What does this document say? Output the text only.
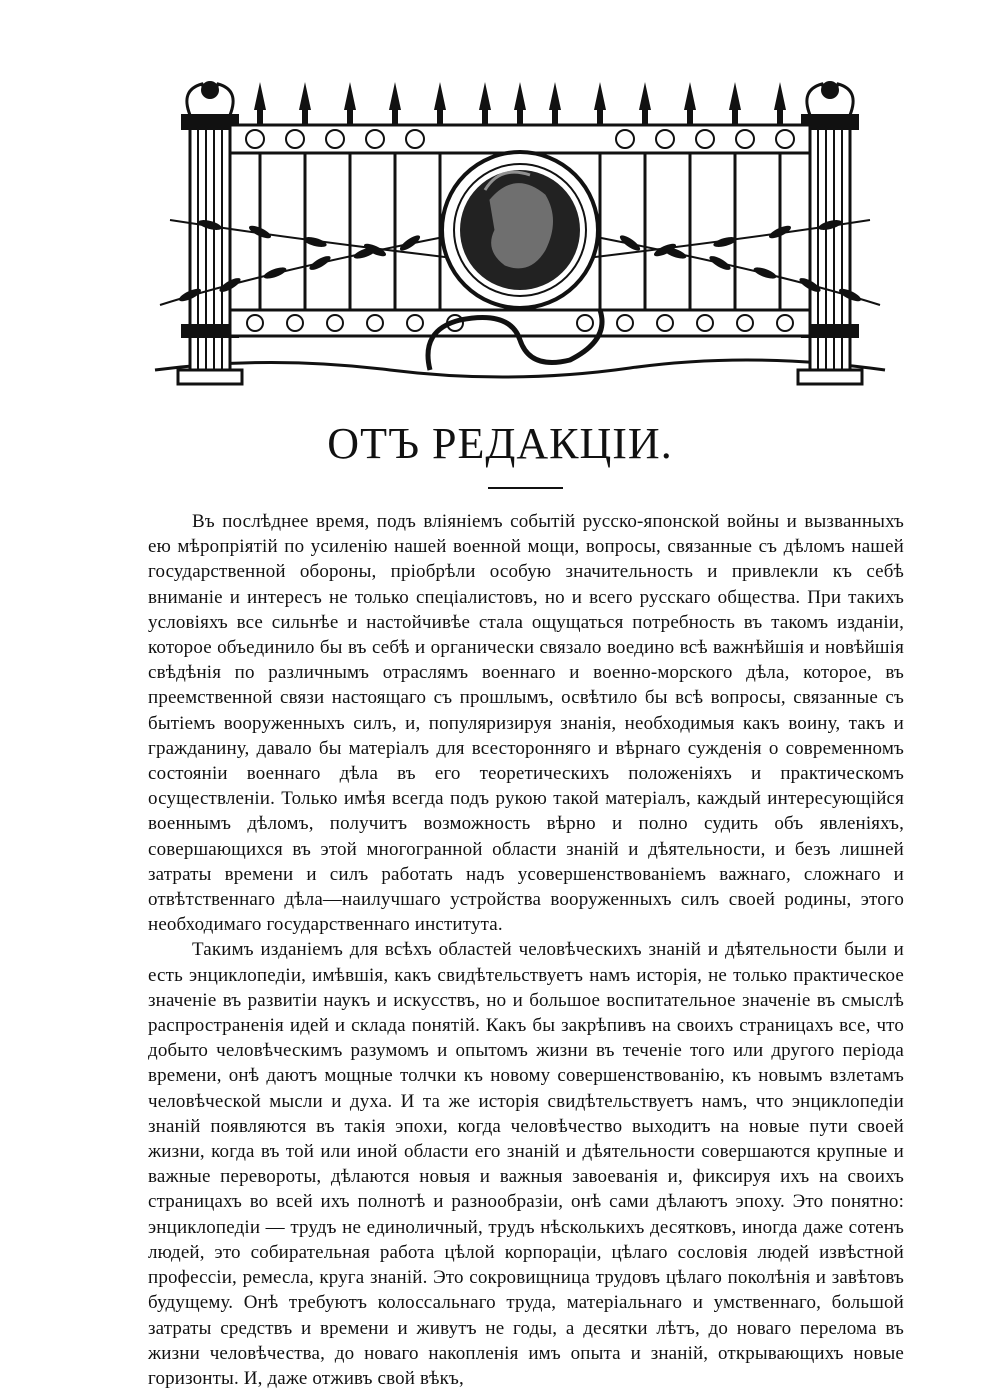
ОТЪ РЕДАКЦІИ.

Въ послѣднее время, подъ вліяніемъ событій русско-японской войны и вызванныхъ ею мѣропріятій по усиленію нашей военной мощи, вопросы, связанные съ дѣломъ нашей государственной обороны, пріобрѣли особую значительность и привлекли къ себѣ вниманіе и интересъ не только спеціалистовъ, но и всего русскаго общества. При такихъ условіяхъ все сильнѣе и настойчивѣе стала ощущаться потребность въ такомъ изданіи, которое объединило бы въ себѣ и органически связало воедино всѣ важнѣйшія и новѣйшія свѣдѣнія по различнымъ отраслямъ военнаго и военно-морского дѣла, которое, въ преемственной связи настоящаго съ прошлымъ, освѣтило бы всѣ вопросы, связанные съ бытіемъ вооруженныхъ силъ, и, популяризируя знанія, необходимыя какъ воину, такъ и гражданину, давало бы матеріалъ для всесторонняго и вѣрнаго сужденія о современномъ состояніи военнаго дѣла въ его теоретическихъ положеніяхъ и практическомъ осуществленіи. Только имѣя всегда подъ рукою такой матеріалъ, каждый интересующійся военнымъ дѣломъ, получитъ возможность вѣрно и полно судить объ явленіяхъ, совершающихся въ этой многогранной области знаній и дѣятельности, и безъ лишней затраты времени и силъ работать надъ усовершенствованіемъ важнаго, сложнаго и отвѣтственнаго дѣла—наилучшаго устройства вооруженныхъ силъ своей родины, этого необходимаго государственнаго института.

Такимъ изданіемъ для всѣхъ областей человѣческихъ знаній и дѣятельности были и есть энциклопедіи, имѣвшія, какъ свидѣтельствуетъ намъ исторія, не только практическое значеніе въ развитіи наукъ и искусствъ, но и большое воспитательное значеніе въ смыслѣ распространенія идей и склада понятій. Какъ бы закрѣпивъ на своихъ страницахъ все, что добыто человѣческимъ разумомъ и опытомъ жизни въ теченіе того или другого періода времени, онѣ даютъ мощные толчки къ новому совершенствованію, къ новымъ взлетамъ человѣческой мысли и духа. И та же исторія свидѣтельствуетъ намъ, что энциклопедіи знаній появляются въ такія эпохи, когда человѣчество выходитъ на новые пути своей жизни, когда въ той или иной области его знаній и дѣятельности совершаются крупные и важные перевороты, дѣлаются новыя и важныя завоеванія и, фиксируя ихъ на своихъ страницахъ во всей ихъ полнотѣ и разнообразіи, онѣ сами дѣлаютъ эпоху. Это понятно: энциклопедіи — трудъ не единоличный, трудъ нѣсколькихъ десятковъ, иногда даже сотенъ людей, это собирательная работа цѣлой корпораціи, цѣлаго сословія людей извѣстной профессіи, ремесла, круга знаній. Это сокровищница трудовъ цѣлаго поколѣнія и завѣтовъ будущему. Онѣ требуютъ колоссальнаго труда, матеріальнаго и умственнаго, большой затраты средствъ и времени и живутъ не годы, а десятки лѣтъ, до новаго перелома въ жизни человѣчества, до новаго накопленія имъ опыта и знаній, открывающихъ новые горизонты. И, даже отживъ свой вѣкъ,
